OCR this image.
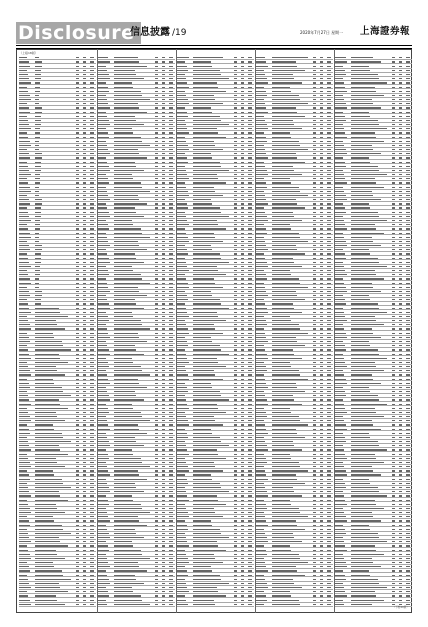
Disclosure
信息披露 /19	2020年7月27日 星期一 上海證券報
（上接18版）
（下转20版）
